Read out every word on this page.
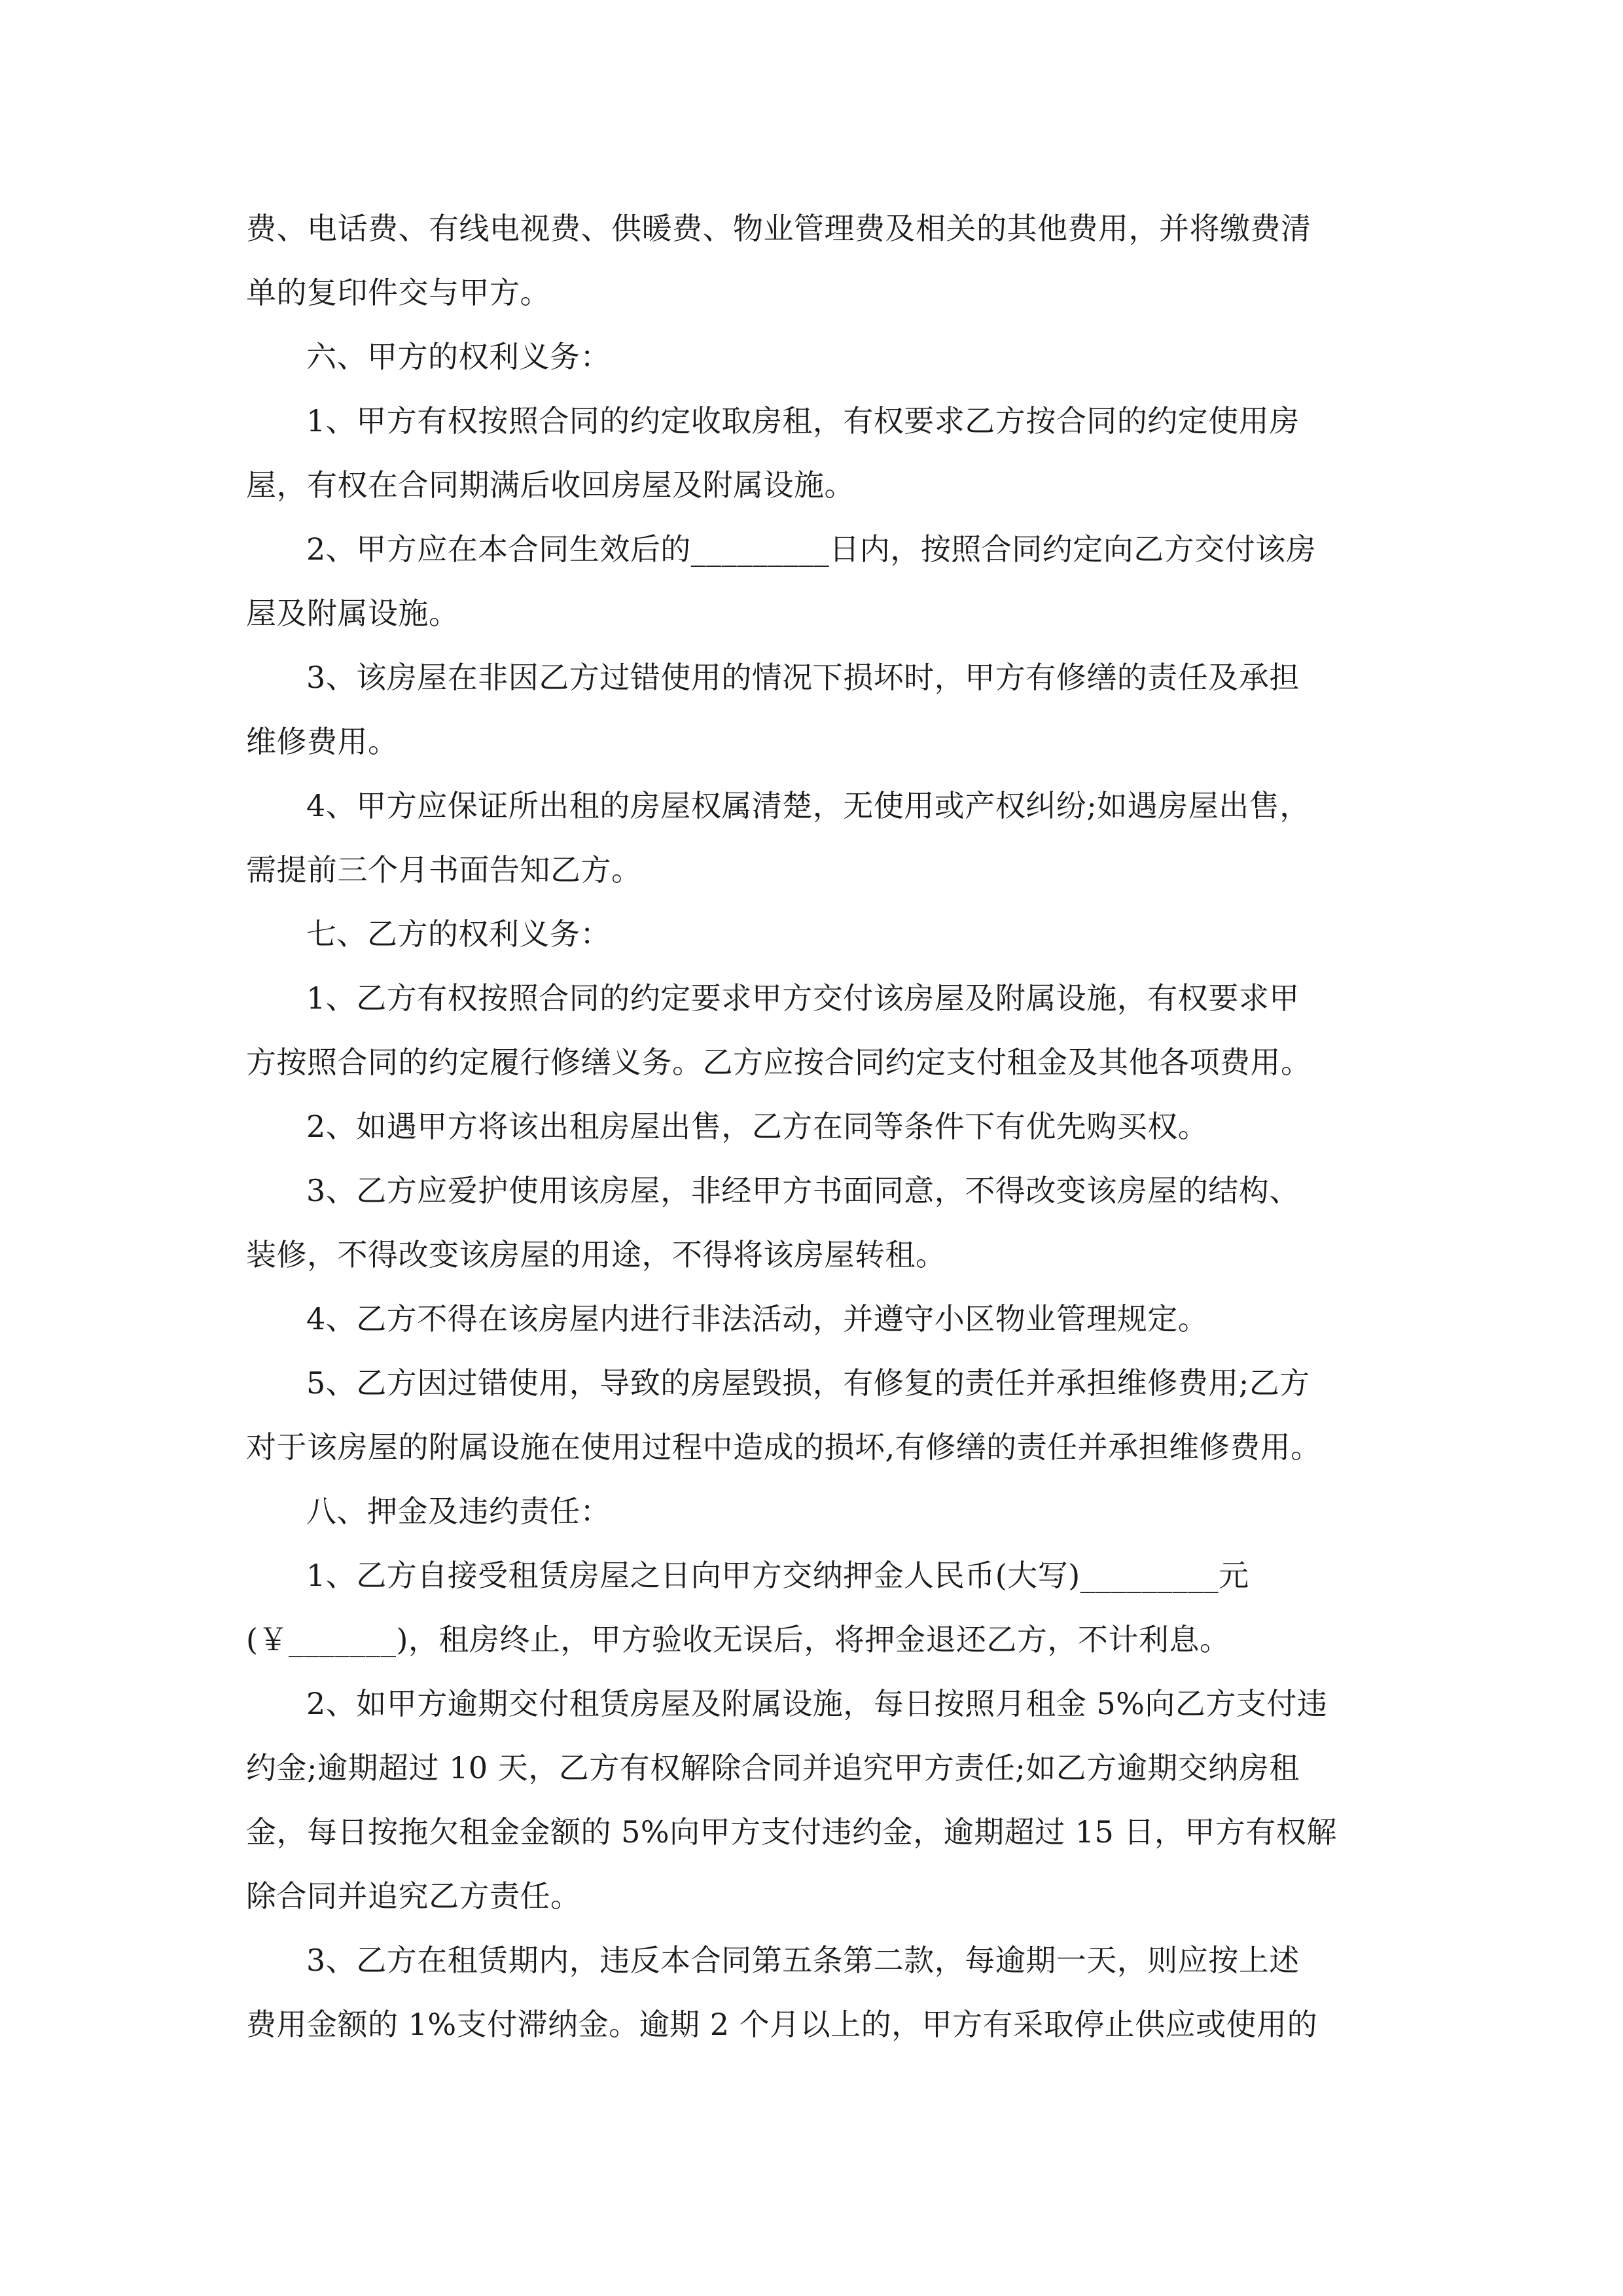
费、电话费、有线电视费、供暖费、物业管理费及相关的其他费用，并将缴费清
单的复印件交与甲方。
六、甲方的权利义务：
1、甲方有权按照合同的约定收取房租，有权要求乙方按合同的约定使用房
屋，有权在合同期满后收回房屋及附属设施。
2、甲方应在本合同生效后的_________日内，按照合同约定向乙方交付该房
屋及附属设施。
3、该房屋在非因乙方过错使用的情况下损坏时，甲方有修缮的责任及承担
维修费用。
4、甲方应保证所出租的房屋权属清楚，无使用或产权纠纷;如遇房屋出售，
需提前三个月书面告知乙方。
七、乙方的权利义务：
1、乙方有权按照合同的约定要求甲方交付该房屋及附属设施，有权要求甲
方按照合同的约定履行修缮义务。乙方应按合同约定支付租金及其他各项费用。
2、如遇甲方将该出租房屋出售，乙方在同等条件下有优先购买权。
3、乙方应爱护使用该房屋，非经甲方书面同意，不得改变该房屋的结构、
装修，不得改变该房屋的用途，不得将该房屋转租。
4、乙方不得在该房屋内进行非法活动，并遵守小区物业管理规定。
5、乙方因过错使用，导致的房屋毁损，有修复的责任并承担维修费用;乙方
对于该房屋的附属设施在使用过程中造成的损坏,有修缮的责任并承担维修费用。
八、押金及违约责任：
1、乙方自接受租赁房屋之日向甲方交纳押金人民币(大写)_________元
(￥_______)，租房终止，甲方验收无误后，将押金退还乙方，不计利息。
2、如甲方逾期交付租赁房屋及附属设施，每日按照月租金 5%向乙方支付违
约金;逾期超过 10 天，乙方有权解除合同并追究甲方责任;如乙方逾期交纳房租
金，每日按拖欠租金金额的 5%向甲方支付违约金，逾期超过 15 日，甲方有权解
除合同并追究乙方责任。
3、乙方在租赁期内，违反本合同第五条第二款，每逾期一天，则应按上述
费用金额的 1%支付滞纳金。逾期 2 个月以上的，甲方有采取停止供应或使用的
